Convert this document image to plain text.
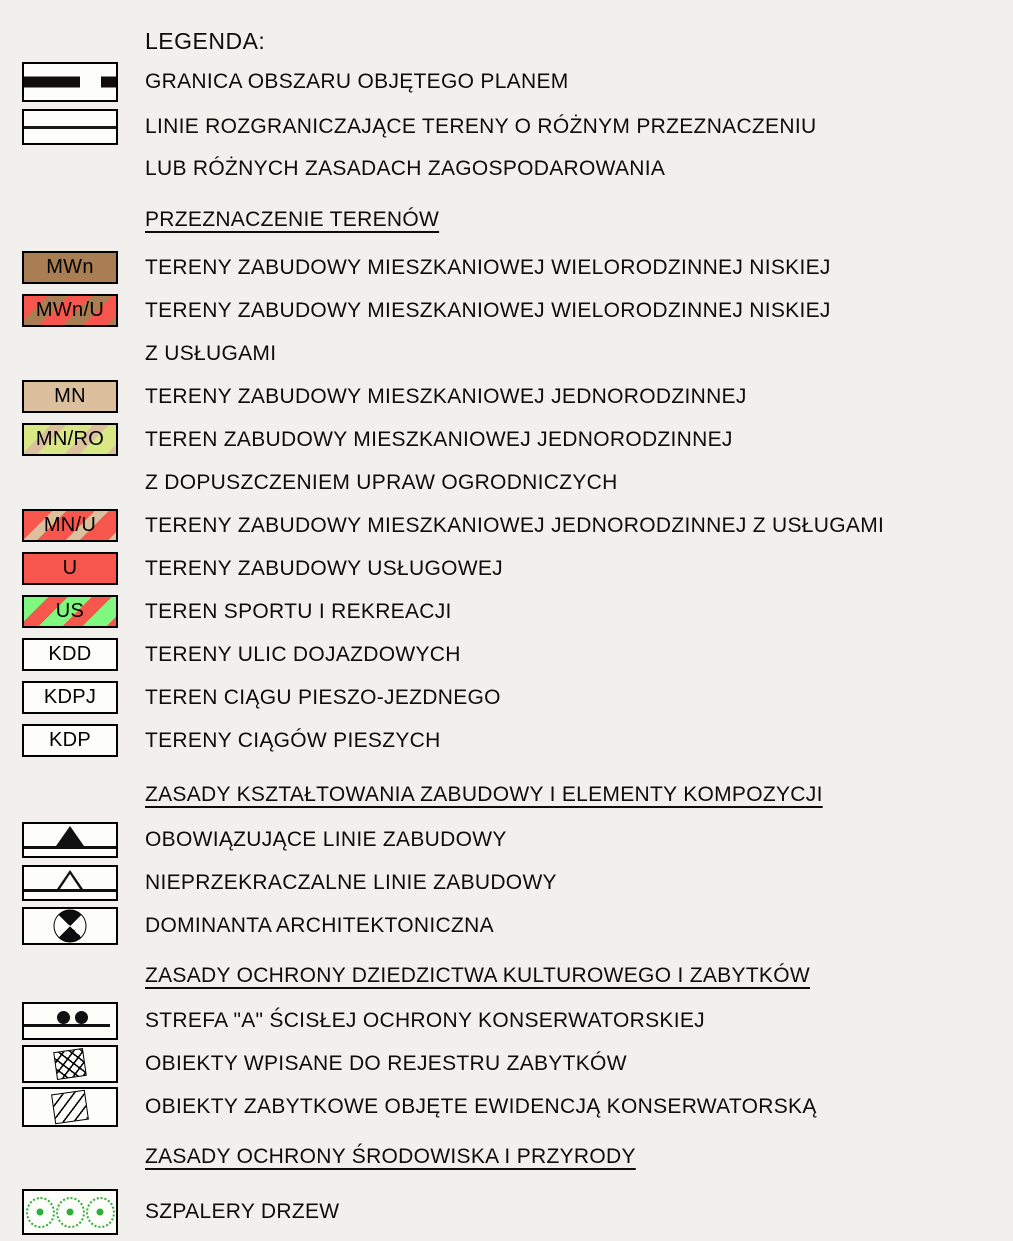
LEGENDA:
GRANICA OBSZARU OBJĘTEGO PLANEM
LINIE ROZGRANICZAJĄCE TERENY O RÓŻNYM PRZEZNACZENIU
LUB RÓŻNYCH ZASADACH ZAGOSPODAROWANIA
PRZEZNACZENIE TERENÓW
MWn	TERENY ZABUDOWY MIESZKANIOWEJ WIELORODZINNEJ NISKIEJ
MWn/U	TERENY ZABUDOWY MIESZKANIOWEJ WIELORODZINNEJ NISKIEJ
Z USŁUGAMI
MN	TERENY ZABUDOWY MIESZKANIOWEJ JEDNORODZINNEJ
MN/RO	TEREN ZABUDOWY MIESZKANIOWEJ JEDNORODZINNEJ
Z DOPUSZCZENIEM UPRAW OGRODNICZYCH
MN/U	TERENY ZABUDOWY MIESZKANIOWEJ JEDNORODZINNEJ Z USŁUGAMI
U	TERENY ZABUDOWY USŁUGOWEJ
US	TEREN SPORTU I REKREACJI
KDD	TERENY ULIC DOJAZDOWYCH
KDPJ	TEREN CIĄGU PIESZO-JEZDNEGO
KDP	TERENY CIĄGÓW PIESZYCH
ZASADY KSZTAŁTOWANIA ZABUDOWY I ELEMENTY KOMPOZYCJI
OBOWIĄZUJĄCE LINIE ZABUDOWY
NIEPRZEKRACZALNE LINIE ZABUDOWY
DOMINANTA ARCHITEKTONICZNA
ZASADY OCHRONY DZIEDZICTWA KULTUROWEGO I ZABYTKÓW
STREFA "A" ŚCISŁEJ OCHRONY KONSERWATORSKIEJ
OBIEKTY WPISANE DO REJESTRU ZABYTKÓW
OBIEKTY ZABYTKOWE OBJĘTE EWIDENCJĄ KONSERWATORSKĄ
ZASADY OCHRONY ŚRODOWISKA I PRZYRODY
SZPALERY DRZEW
